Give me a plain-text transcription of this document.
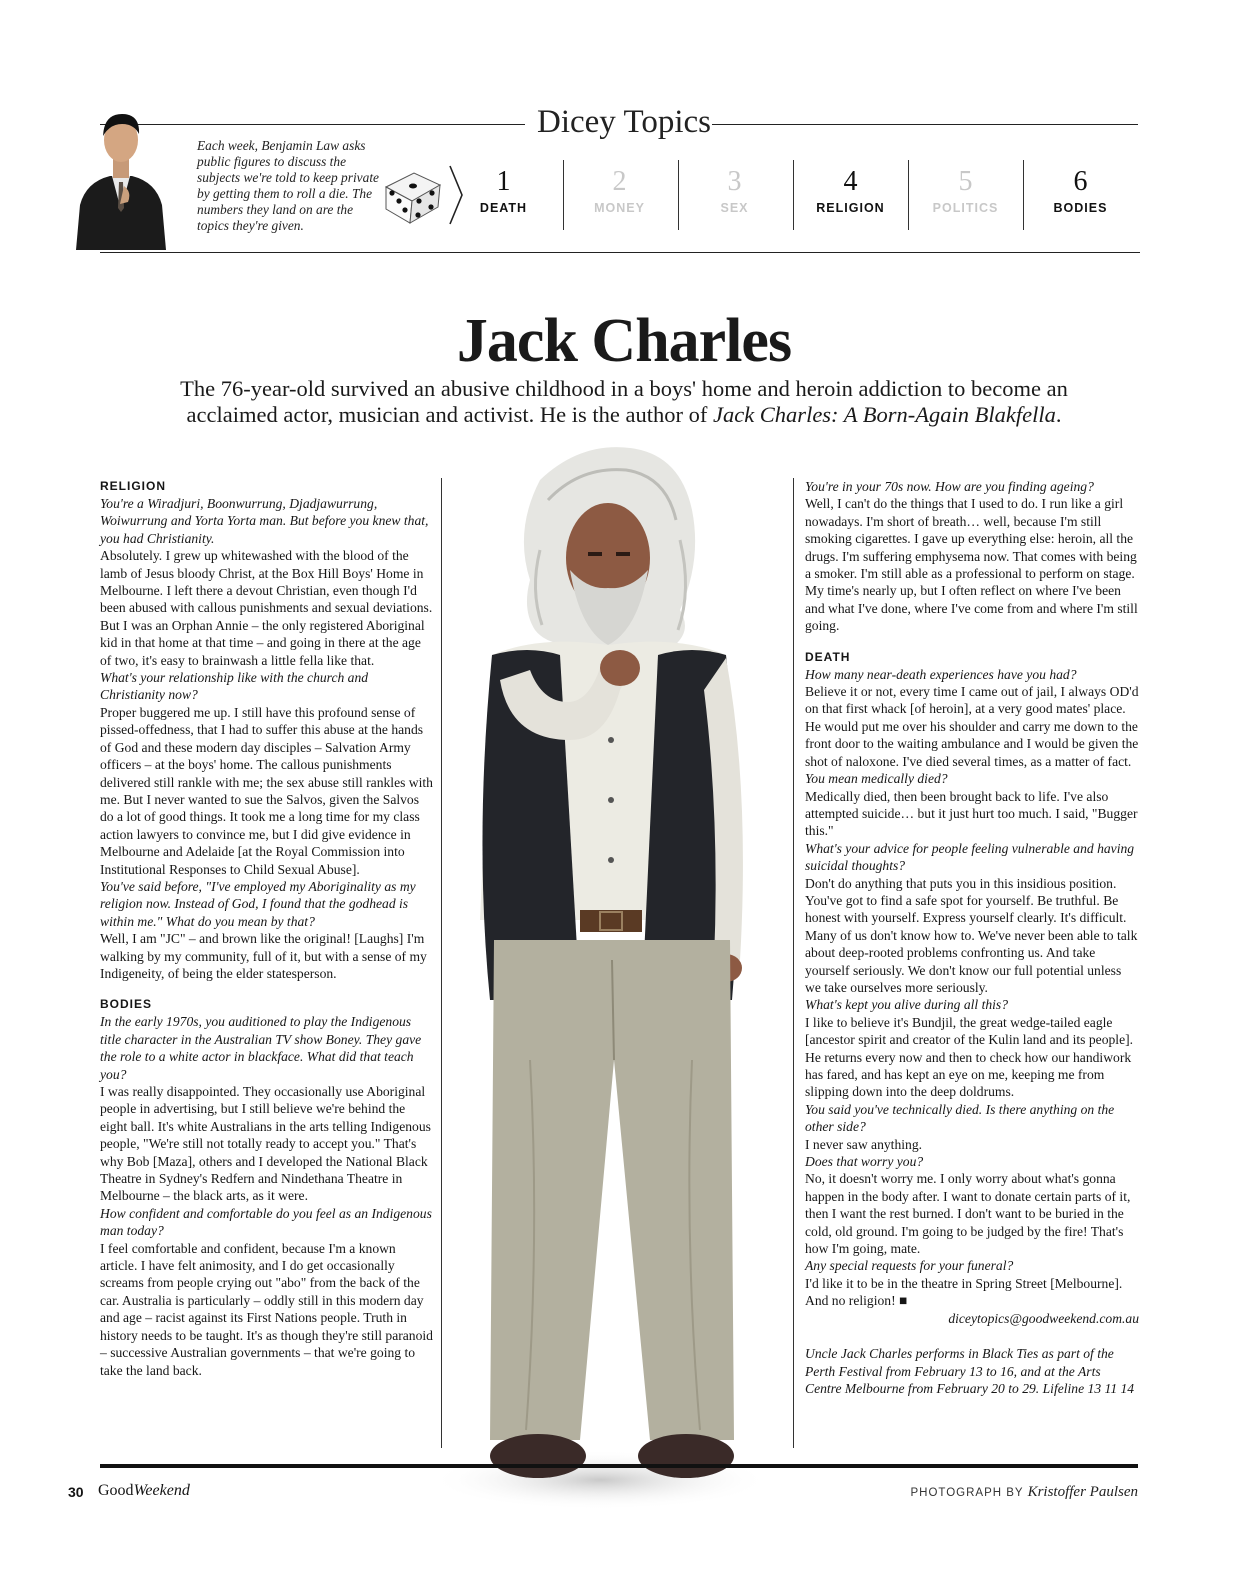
Dicey Topics
Each week, Benjamin Law asks public figures to discuss the subjects we're told to keep private by getting them to roll a die. The numbers they land on are the topics they're given.
1
DEATH
2
MONEY
3
SEX
4
RELIGION
5
POLITICS
6
BODIES
Jack Charles
The 76-year-old survived an abusive childhood in a boys' home and heroin addiction to become an acclaimed actor, musician and activist. He is the author of Jack Charles: A Born-Again Blakfella.

RELIGION

You're a Wiradjuri, Boonwurrung, Djadjawurrung, Woiwurrung and Yorta Yorta man. But before you knew that, you had Christianity.

Absolutely. I grew up whitewashed with the blood of the lamb of Jesus bloody Christ, at the Box Hill Boys' Home in Melbourne. I left there a devout Christian, even though I'd been abused with callous punishments and sexual deviations. But I was an Orphan Annie – the only registered Aboriginal kid in that home at that time – and going in there at the age of two, it's easy to brainwash a little fella like that.

What's your relationship like with the church and Christianity now?

Proper buggered me up. I still have this profound sense of pissed-offedness, that I had to suffer this abuse at the hands of God and these modern day disciples – Salvation Army officers – at the boys' home. The callous punishments delivered still rankle with me; the sex abuse still rankles with me. But I never wanted to sue the Salvos, given the Salvos do a lot of good things. It took me a long time for my class action lawyers to convince me, but I did give evidence in Melbourne and Adelaide [at the Royal Commission into Institutional Responses to Child Sexual Abuse].

You've said before, "I've employed my Aboriginality as my religion now. Instead of God, I found that the godhead is within me." What do you mean by that?

Well, I am "JC" – and brown like the original! [Laughs] I'm walking by my community, full of it, but with a sense of my Indigeneity, of being the elder statesperson.

BODIES

In the early 1970s, you auditioned to play the Indigenous title character in the Australian TV show Boney. They gave the role to a white actor in blackface. What did that teach you?

I was really disappointed. They occasionally use Aboriginal people in advertising, but I still believe we're behind the eight ball. It's white Australians in the arts telling Indigenous people, "We're still not totally ready to accept you." That's why Bob [Maza], others and I developed the National Black Theatre in Sydney's Redfern and Nindethana Theatre in Melbourne – the black arts, as it were.

How confident and comfortable do you feel as an Indigenous man today?

I feel comfortable and confident, because I'm a known article. I have felt animosity, and I do get occasionally screams from people crying out "abo" from the back of the car. Australia is particularly – oddly still in this modern day and age – racist against its First Nations people. Truth in history needs to be taught. It's as though they're still paranoid – successive Australian governments – that we're going to take the land back.

You're in your 70s now. How are you finding ageing?

Well, I can't do the things that I used to do. I run like a girl nowadays. I'm short of breath… well, because I'm still smoking cigarettes. I gave up everything else: heroin, all the drugs. I'm suffering emphysema now. That comes with being a smoker. I'm still able as a professional to perform on stage. My time's nearly up, but I often reflect on where I've been and what I've done, where I've come from and where I'm still going.

DEATH

How many near-death experiences have you had?

Believe it or not, every time I came out of jail, I always OD'd on that first whack [of heroin], at a very good mates' place. He would put me over his shoulder and carry me down to the front door to the waiting ambulance and I would be given the shot of naloxone. I've died several times, as a matter of fact.

You mean medically died?

Medically died, then been brought back to life. I've also attempted suicide… but it just hurt too much. I said, "Bugger this."

What's your advice for people feeling vulnerable and having suicidal thoughts?

Don't do anything that puts you in this insidious position. You've got to find a safe spot for yourself. Be truthful. Be honest with yourself. Express yourself clearly. It's difficult. Many of us don't know how to. We've never been able to talk about deep-rooted problems confronting us. And take yourself seriously. We don't know our full potential unless we take ourselves more seriously.

What's kept you alive during all this?

I like to believe it's Bundjil, the great wedge-tailed eagle [ancestor spirit and creator of the Kulin land and its people]. He returns every now and then to check how our handiwork has fared, and has kept an eye on me, keeping me from slipping down into the deep doldrums.

You said you've technically died. Is there anything on the other side?

I never saw anything.

Does that worry you?

No, it doesn't worry me. I only worry about what's gonna happen in the body after. I want to donate certain parts of it, then I want the rest burned. I don't want to be buried in the cold, old ground. I'm going to be judged by the fire! That's how I'm going, mate.

Any special requests for your funeral?

I'd like it to be in the theatre in Spring Street [Melbourne]. And no religion! ■

diceytopics@goodweekend.com.au

Uncle Jack Charles performs in Black Ties as part of the Perth Festival from February 13 to 16, and at the Arts Centre Melbourne from February 20 to 29. Lifeline 13 11 14

30 GoodWeekend	PHOTOGRAPH BY Kristoffer Paulsen
